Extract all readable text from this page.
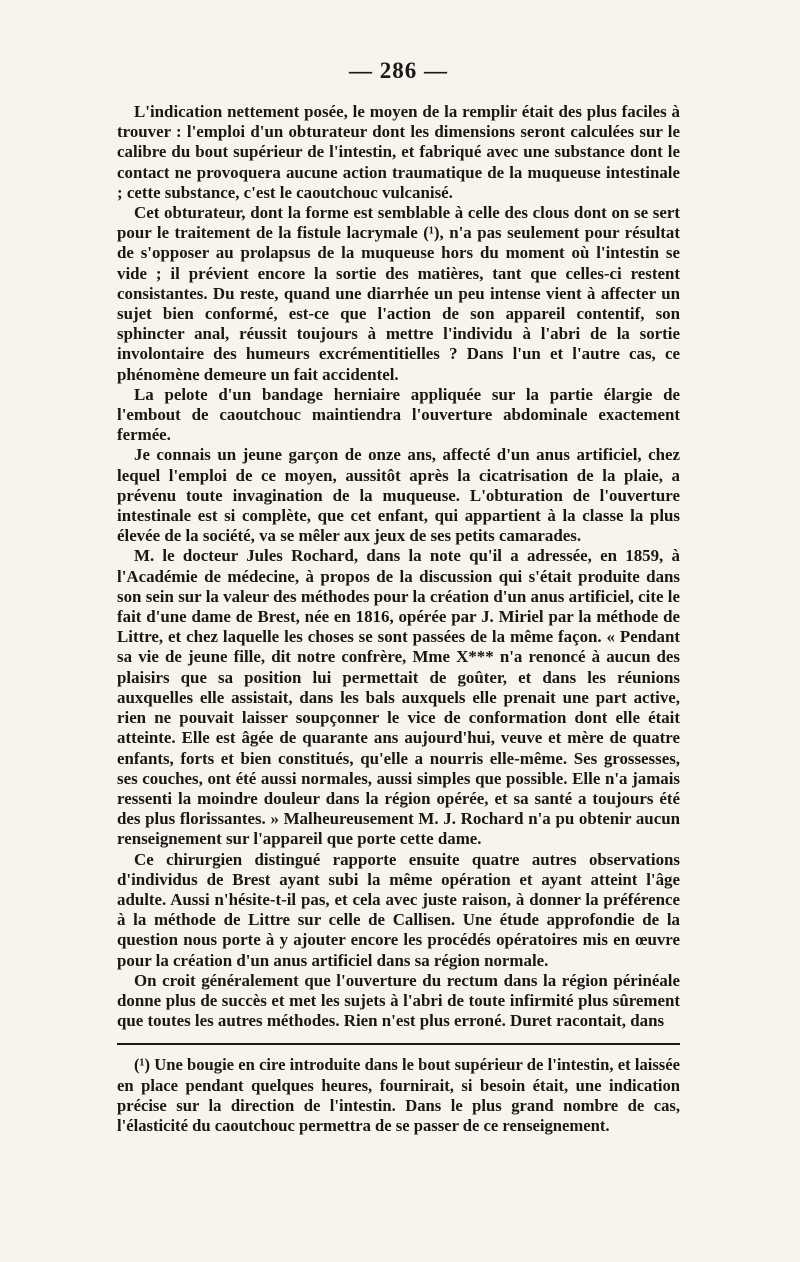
— 286 —

L'indication nettement posée, le moyen de la remplir était des plus faciles à trouver : l'emploi d'un obturateur dont les dimensions seront calculées sur le calibre du bout supérieur de l'intestin, et fabriqué avec une substance dont le contact ne provoquera aucune action traumatique de la muqueuse intestinale ; cette substance, c'est le caoutchouc vulcanisé.

Cet obturateur, dont la forme est semblable à celle des clous dont on se sert pour le traitement de la fistule lacrymale (¹), n'a pas seulement pour résultat de s'opposer au prolapsus de la muqueuse hors du moment où l'intestin se vide ; il prévient encore la sortie des matières, tant que celles-ci restent consistantes. Du reste, quand une diarrhée un peu intense vient à affecter un sujet bien conformé, est-ce que l'action de son appareil contentif, son sphincter anal, réussit toujours à mettre l'individu à l'abri de la sortie involontaire des humeurs excrémentitielles ? Dans l'un et l'autre cas, ce phénomène demeure un fait accidentel.

La pelote d'un bandage herniaire appliquée sur la partie élargie de l'embout de caoutchouc maintiendra l'ouverture abdominale exactement fermée.

Je connais un jeune garçon de onze ans, affecté d'un anus artificiel, chez lequel l'emploi de ce moyen, aussitôt après la cicatrisation de la plaie, a prévenu toute invagination de la muqueuse. L'obturation de l'ouverture intestinale est si complète, que cet enfant, qui appartient à la classe la plus élevée de la société, va se mêler aux jeux de ses petits camarades.

M. le docteur Jules Rochard, dans la note qu'il a adressée, en 1859, à l'Académie de médecine, à propos de la discussion qui s'était produite dans son sein sur la valeur des méthodes pour la création d'un anus artificiel, cite le fait d'une dame de Brest, née en 1816, opérée par J. Miriel par la méthode de Littre, et chez laquelle les choses se sont passées de la même façon. « Pendant sa vie de jeune fille, dit notre confrère, Mme X*** n'a renoncé à aucun des plaisirs que sa position lui permettait de goûter, et dans les réunions auxquelles elle assistait, dans les bals auxquels elle prenait une part active, rien ne pouvait laisser soupçonner le vice de conformation dont elle était atteinte. Elle est âgée de quarante ans aujourd'hui, veuve et mère de quatre enfants, forts et bien constitués, qu'elle a nourris elle-même. Ses grossesses, ses couches, ont été aussi normales, aussi simples que possible. Elle n'a jamais ressenti la moindre douleur dans la région opérée, et sa santé a toujours été des plus florissantes. » Malheureusement M. J. Rochard n'a pu obtenir aucun renseignement sur l'appareil que porte cette dame.

Ce chirurgien distingué rapporte ensuite quatre autres observations d'individus de Brest ayant subi la même opération et ayant atteint l'âge adulte. Aussi n'hésite-t-il pas, et cela avec juste raison, à donner la préférence à la méthode de Littre sur celle de Callisen. Une étude approfondie de la question nous porte à y ajouter encore les procédés opératoires mis en œuvre pour la création d'un anus artificiel dans sa région normale.

On croit généralement que l'ouverture du rectum dans la région périnéale donne plus de succès et met les sujets à l'abri de toute infirmité plus sûrement que toutes les autres méthodes. Rien n'est plus erroné. Duret racontait, dans

(¹) Une bougie en cire introduite dans le bout supérieur de l'intestin, et laissée en place pendant quelques heures, fournirait, si besoin était, une indication précise sur la direction de l'intestin. Dans le plus grand nombre de cas, l'élasticité du caoutchouc permettra de se passer de ce renseignement.
